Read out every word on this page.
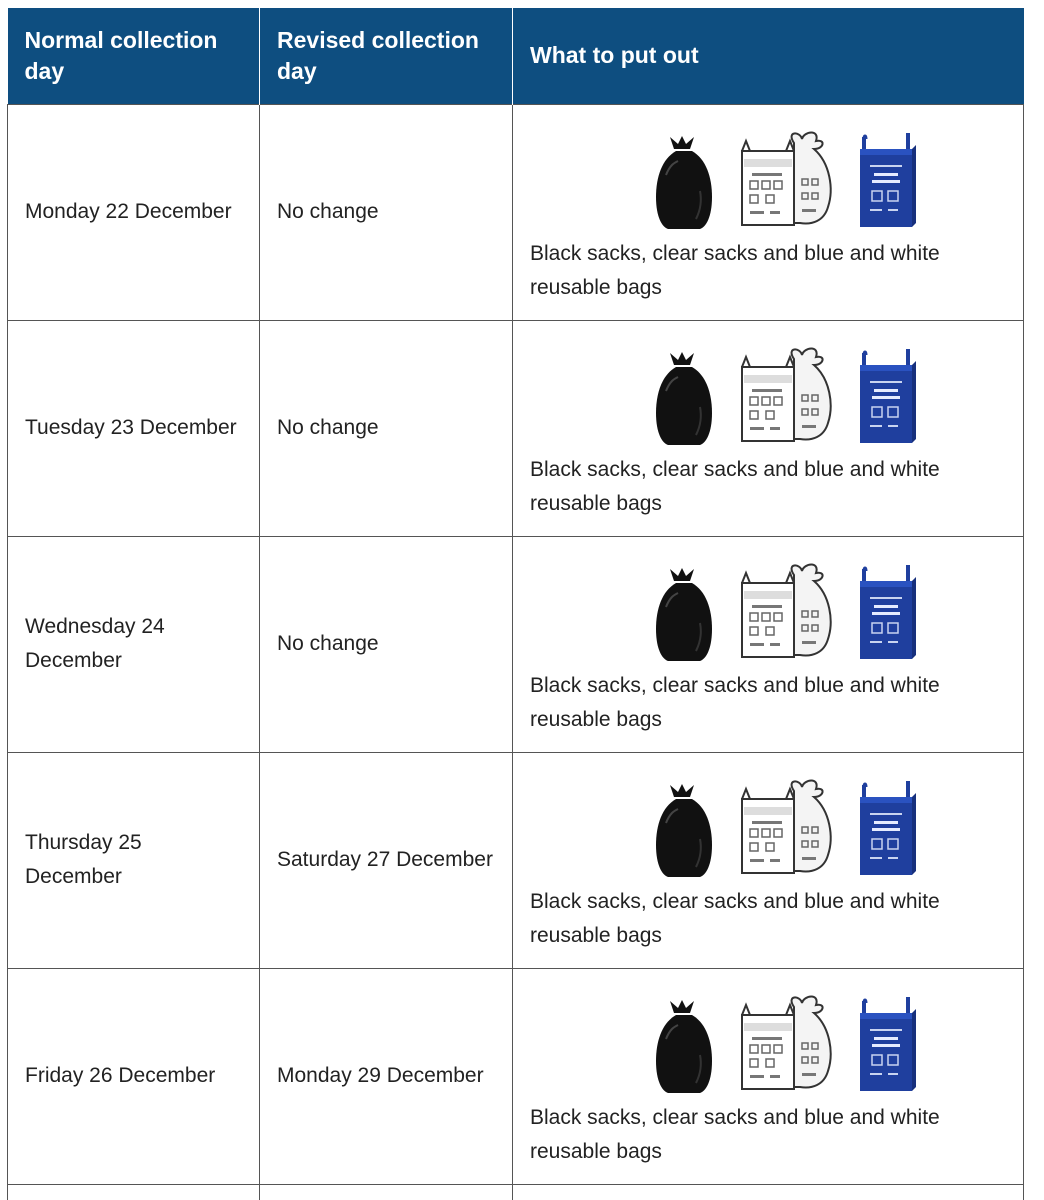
Normal collection day	Revised collection day	What to put out
Monday 22 December	No change	Black sacks, clear sacks and blue and white reusable bags

Tuesday 23 December	No change	Black sacks, clear sacks and blue and white reusable bags

Wednesday 24 December	No change	Black sacks, clear sacks and blue and white reusable bags

Thursday 25 December	Saturday 27 December	Black sacks, clear sacks and blue and white reusable bags

Friday 26 December	Monday 29 December	Black sacks, clear sacks and blue and white reusable bags
